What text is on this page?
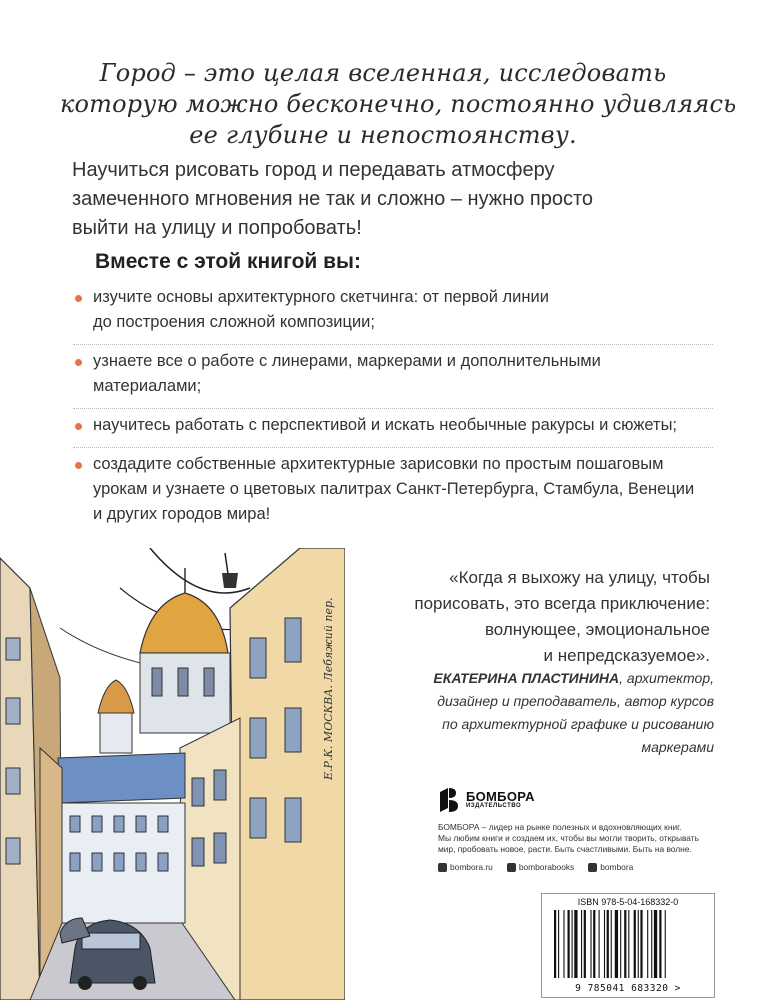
Город – это целая вселенная, исследовать
которую можно бесконечно, постоянно удивляясь
ее глубине и непостоянству.
Научиться рисовать город и передавать атмосферу
замеченного мгновения не так и сложно – нужно просто
выйти на улицу и попробовать!
Вместе с этой книгой вы:
изучите основы архитектурного скетчинга: от первой линии
до построения сложной композиции;
узнаете все о работе с линерами, маркерами и дополнительными
материалами;
научитесь работать с перспективой и искать необычные ракурсы и сюжеты;
создадите собственные архитектурные зарисовки по простым пошаговым
урокам и узнаете о цветовых палитрах Санкт-Петербурга, Стамбула, Венеции
и других городов мира!
Е.Р.К. МОСКВА. Лебяжий пер.
«Когда я выхожу на улицу, чтобы
порисовать, это всегда приключение:
волнующее, эмоциональное
и непредсказуемое».
ЕКАТЕРИНА ПЛАСТИНИНА, архитектор,
дизайнер и преподаватель, автор курсов
по архитектурной графике и рисованию
маркерами
БОМБОРА
ИЗДАТЕЛЬСТВО
БОМБОРА – лидер на рынке полезных и вдохновляющих книг.
Мы любим книги и создаем их, чтобы вы могли творить, открывать
мир, пробовать новое, расти. Быть счастливыми. Быть на волне.
bombora.ru	bomborabooks	bombora
ISBN 978-5-04-168332-0
9 785041 683320 >
